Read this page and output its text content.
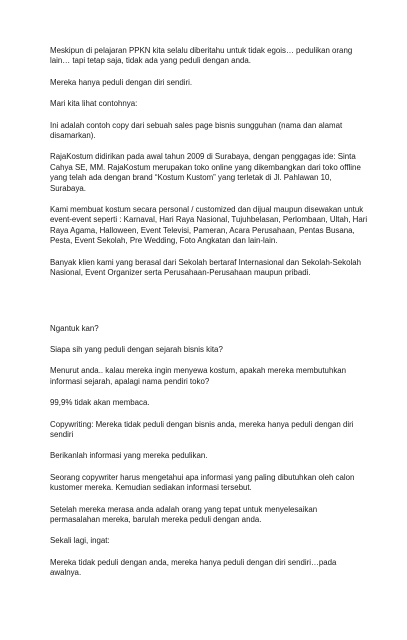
Meskipun di pelajaran PPKN kita selalu diberitahu untuk tidak egois… pedulikan orang lain… tapi tetap saja, tidak ada yang peduli dengan anda.

Mereka hanya peduli dengan diri sendiri.

Mari kita lihat contohnya:

Ini adalah contoh copy dari sebuah sales page bisnis sungguhan (nama dan alamat disamarkan).

RajaKostum didirikan pada awal tahun 2009 di Surabaya, dengan penggagas ide: Sinta Cahya SE, MM. RajaKostum merupakan toko online yang dikembangkan dari toko offline yang telah ada dengan brand “Kostum Kustom” yang terletak di Jl. Pahlawan 10, Surabaya.

Kami membuat kostum secara personal / customized dan dijual maupun disewakan untuk event-event seperti : Karnaval, Hari Raya Nasional, Tujuhbelasan, Perlombaan, Ultah, Hari Raya Agama, Halloween, Event Televisi, Pameran, Acara Perusahaan, Pentas Busana, Pesta, Event Sekolah, Pre Wedding, Foto Angkatan dan lain-lain.

Banyak klien kami yang berasal dari Sekolah bertaraf Internasional dan Sekolah-Sekolah Nasional, Event Organizer serta Perusahaan-Perusahaan maupun pribadi.

Ngantuk kan?

Siapa sih yang peduli dengan sejarah bisnis kita?

Menurut anda.. kalau mereka ingin menyewa kostum, apakah mereka membutuhkan informasi sejarah, apalagi nama pendiri toko?

99,9% tidak akan membaca.

Copywriting: Mereka tidak peduli dengan bisnis anda, mereka hanya peduli dengan diri sendiri

Berikanlah informasi yang mereka pedulikan.

Seorang copywriter harus mengetahui apa informasi yang paling dibutuhkan oleh calon kustomer mereka. Kemudian sediakan informasi tersebut.

Setelah mereka merasa anda adalah orang yang tepat untuk menyelesaikan permasalahan mereka, barulah mereka peduli dengan anda.

Sekali lagi, ingat:

Mereka tidak peduli dengan anda, mereka hanya peduli dengan diri sendiri…pada awalnya.
